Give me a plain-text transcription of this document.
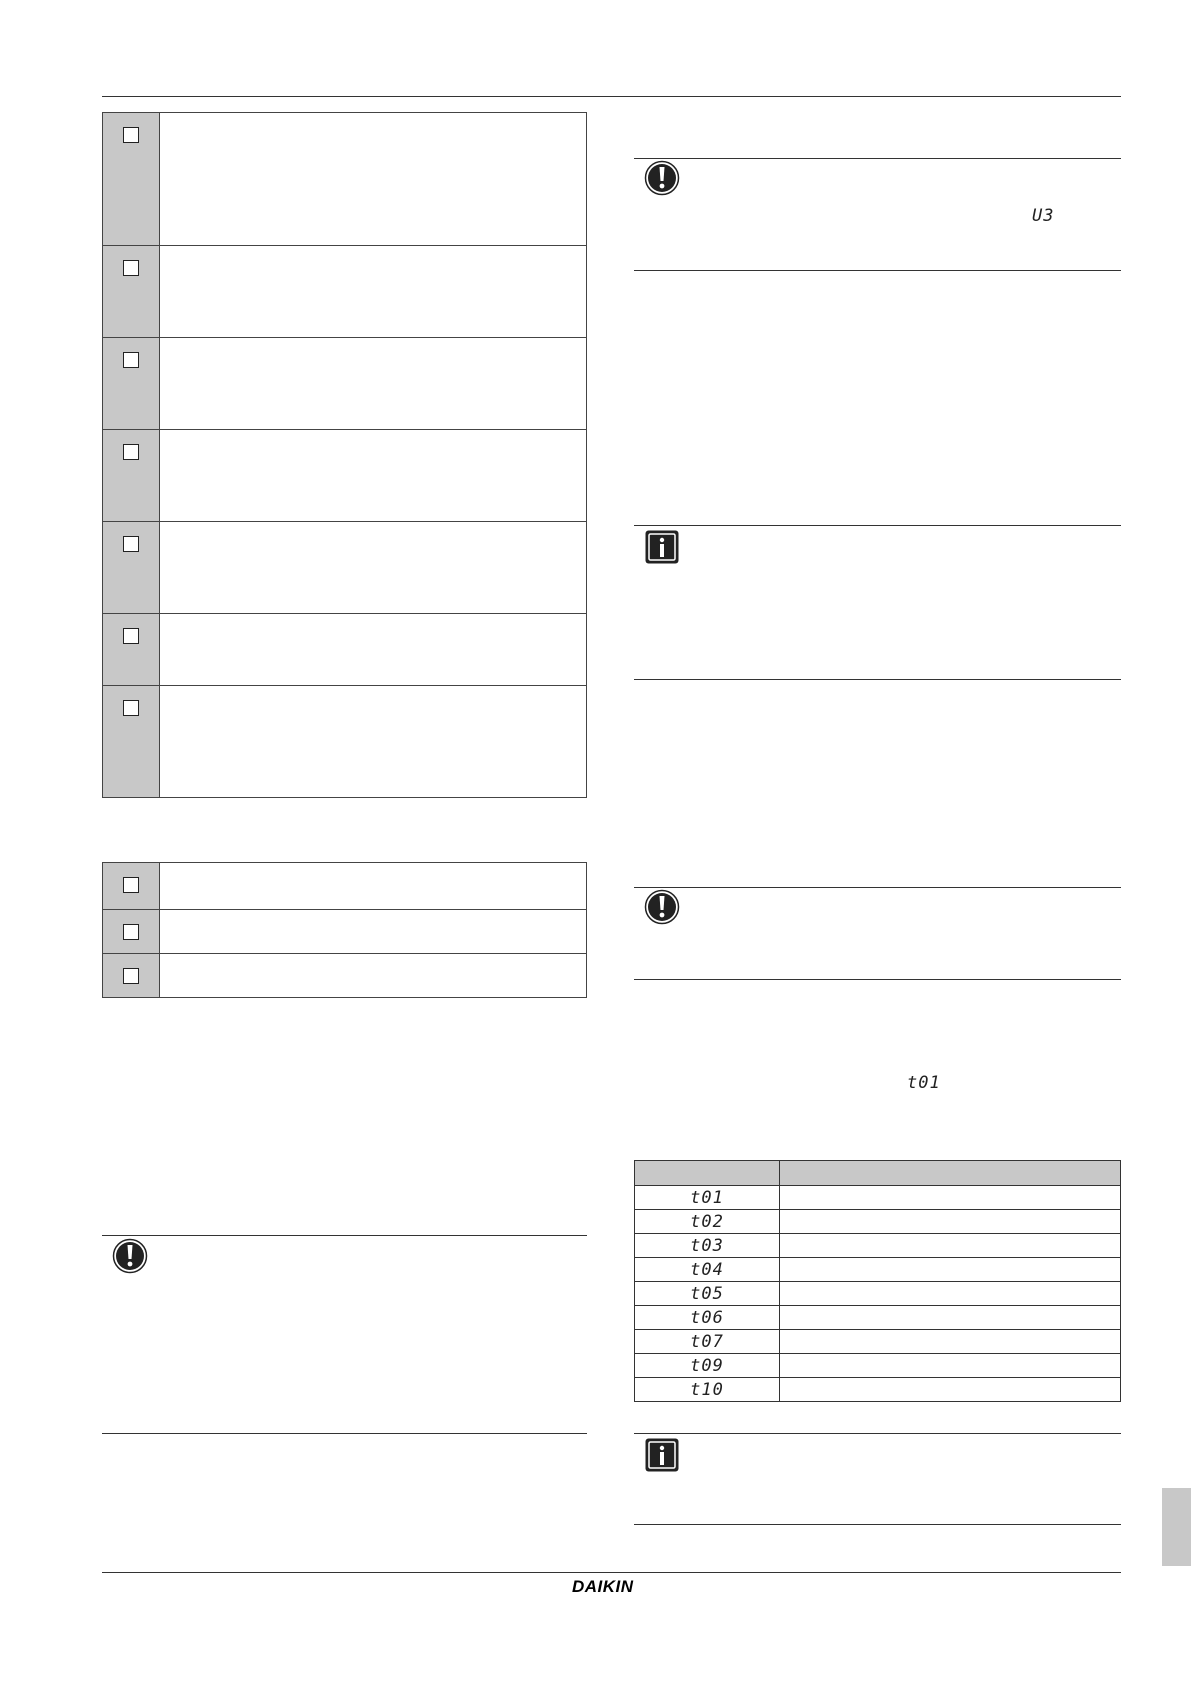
U3
t01

t01	
t02	
t03	
t04	
t05	
t06	
t07	
t09	
t10	
DAIKIN
